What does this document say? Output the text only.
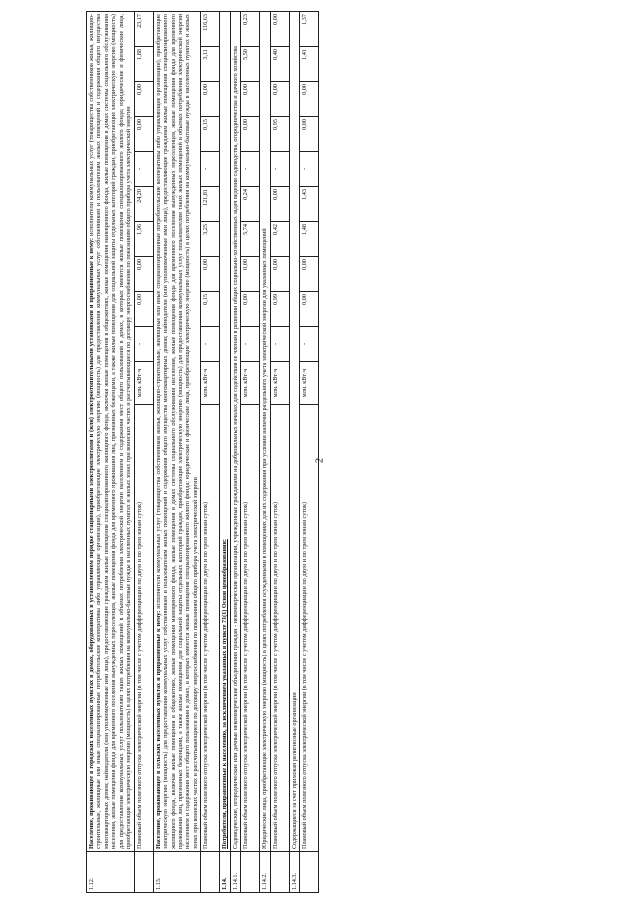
2
1.12.	Население, проживающее в городских населенных пунктах в домах, оборудованных в установленном порядке стационарными электроплитами и (или) электроотопительными установками и приравненные к нему: исполнители коммунальных услуг (товарищества собственников жилья, жилищно-строительные, жилищные или иные специализированные потребительские кооперативы либо управляющие организации), приобретающие электрическую энергию (мощность) для предоставления коммунальных услуг собственникам и пользователям жилых помещений и содержания общего имущества многоквартирных домов; наймодатели (или уполномоченные ими лица), предоставляющие гражданам жилые помещения специализированного жилищного фонда, включая жилые помещения в общежитиях, жилые помещения маневренного фонда, жилые помещения в домах системы социального обслуживания населения, жилые помещения фонда для временного поселения вынужденных переселенцев, жилые помещения фонда для временного проживания лиц, признанных беженцами, а также жилые помещения для социальной защиты отдельных категорий граждан, приобретающие электрическую энергию (мощность) для предоставления коммунальных услуг пользователям таких жилых помещений в объемах потребления электрической энергии населением и содержания мест общего пользования в домах, в которых имеются жилые помещения специализированного жилого фонда; юридические и физические лица, приобретающие электрическую энергию (мощность) в целях потребления на коммунально-бытовые нужды в населенных пунктах и жилых зонах при воинских частях и рассчитывающиеся по договору энергоснабжения по показаниям общего прибора учета электрической энергии											
	Плановый объем полезного отпуска электрической энергии (в том числе с учетом дифференциации по двум и по трем зонам суток)	млн. кВт·ч	-	0,00	0,00	1,96	24,20	-	0,00	0,00	1,88	23,17
1.13.	Население, проживающее в сельских населенных пунктах и приравненные к нему: исполнители коммунальных услуг (товарищества собственников жилья, жилищно-строительные, жилищные или иные специализированные потребительские кооперативы либо управляющие организации), приобретающие электрическую энергию (мощность) для предоставления коммунальных услуг собственникам и пользователям жилых помещений и содержания общего имущества многоквартирных домов; наймодатели (или уполномоченные ими лица), предоставляющие гражданам жилые помещения специализированного жилищного фонда, включая жилые помещения в общежитиях, жилые помещения маневренного фонда, жилые помещения в домах системы социального обслуживания населения, жилые помещения фонда для временного поселения вынужденных переселенцев, жилые помещения фонда для временного проживания лиц, признанных беженцами, а также жилые помещения для социальной защиты отдельных категорий граждан, приобретающие электрическую энергию (мощность) для предоставления коммунальных услуг пользователям таких жилых помещений в объемах потребления электрической энергии населением и содержания мест общего пользования в домах, в которых имеются жилые помещения специализированного жилого фонда; юридические и физические лица, приобретающие электрическую энергию (мощность) в целях потребления на коммунально-бытовые нужды в населенных пунктах и жилых зонах при воинских частях и рассчитывающиеся по договору энергоснабжения по показаниям общего прибора учета электрической энергии											
	Плановый объем полезного отпуска электрической энергии (в том числе с учетом дифференциации по двум и по трем зонам суток)	млн. кВт·ч	-	0,15	0,00	3,25	121,81	-	0,15	0,00	3,11	116,63
1.14.	Потребители, приравненные к населению, за исключением указанных в пункте 71(1) Основ ценообразования:											
1.14.1.	Садоводческие, огороднические или дачные некоммерческие объединения граждан - некоммерческие организации, учрежденные гражданами на добровольных началах для содействия ее членам в решении общих социально-хозяйственных задач ведения садоводства, огородничества и дачного хозяйства											
	Плановый объем полезного отпуска электрической энергии (в том числе с учетом дифференциации по двум и по трем зонам суток)	млн. кВт·ч	-	0,00	0,00	5,74	0,24	-	0,00	0,00	5,50	0,23
1.14.2.	Юридические лица, приобретающие электрическую энергию (мощность) в целях потребления осужденными в помещениях для их содержания при условии наличия раздельного учета электрической энергии для указанных помещений											
	Плановый объем полезного отпуска электрической энергии (в том числе с учетом дифференциации по двум и по трем зонам суток)	млн. кВт·ч	-	0,99	0,00	0,42	0,00	-	0,95	0,00	0,40	0,00
1.14.3.	Содержащиеся за счет прихожан религиозные организации											
	Плановый объем полезного отпуска электрической энергии (в том числе с учетом дифференциации по двум и по трем зонам суток)	млн. кВт·ч	-	0,00	0,00	1,48	1,43	-	0,00	0,00	1,41	1,37
